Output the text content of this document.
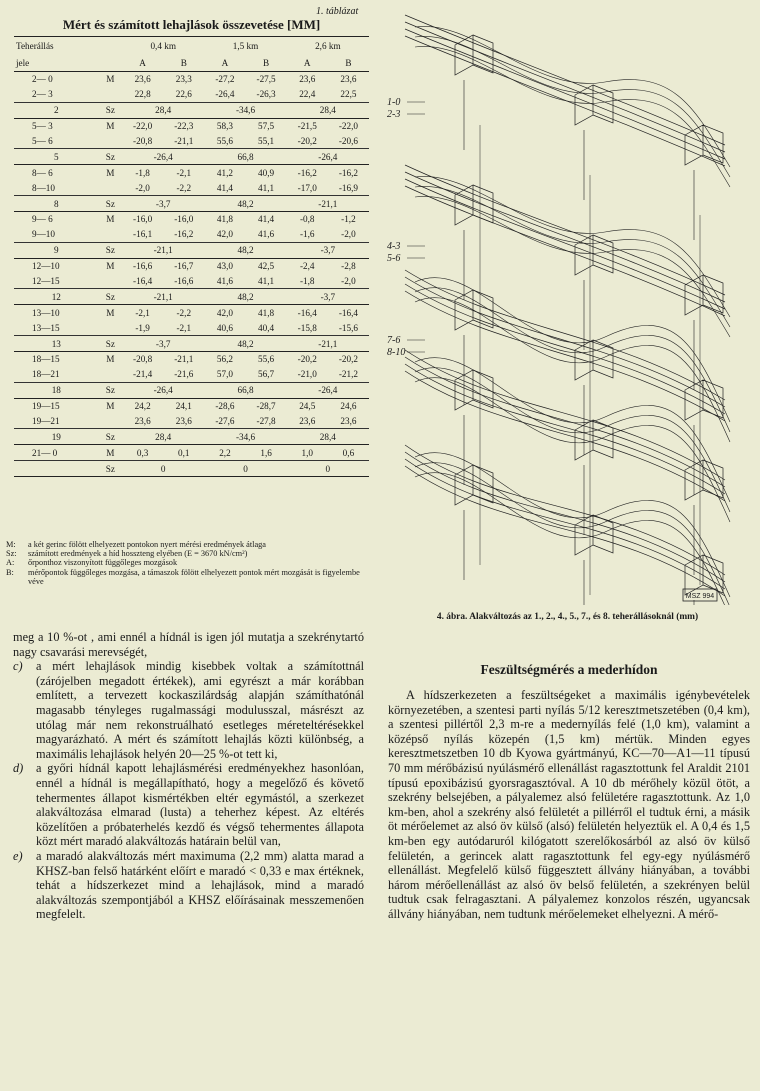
1. táblázat
Mért és számított lehajlások összevetése [MM]
Teherállás		0,4 km		1,5 km		2,6 km	
jele		A	B	A	B	A	B
2— 0	M	23,6	23,3	-27,2	-27,5	23,6	23,6
2— 3		22,8	22,6	-26,4	-26,3	22,4	22,5
2	Sz	28,4		-34,6		28,4	
5— 3	M	-22,0	-22,3	58,3	57,5	-21,5	-22,0
5— 6		-20,8	-21,1	55,6	55,1	-20,2	-20,6
5	Sz	-26,4		66,8		-26,4	
8— 6	M	-1,8	-2,1	41,2	40,9	-16,2	-16,2
8—10		-2,0	-2,2	41,4	41,1	-17,0	-16,9
8	Sz	-3,7		48,2		-21,1	
9— 6	M	-16,0	-16,0	41,8	41,4	-0,8	-1,2
9—10		-16,1	-16,2	42,0	41,6	-1,6	-2,0
9	Sz	-21,1		48,2		-3,7	
12—10	M	-16,6	-16,7	43,0	42,5	-2,4	-2,8
12—15		-16,4	-16,6	41,6	41,1	-1,8	-2,0
12	Sz	-21,1		48,2		-3,7	
13—10	M	-2,1	-2,2	42,0	41,8	-16,4	-16,4
13—15		-1,9	-2,1	40,6	40,4	-15,8	-15,6
13	Sz	-3,7		48,2		-21,1	
18—15	M	-20,8	-21,1	56,2	55,6	-20,2	-20,2
18—21		-21,4	-21,6	57,0	56,7	-21,0	-21,2
18	Sz	-26,4		66,8		-26,4	
19—15	M	24,2	24,1	-28,6	-28,7	24,5	24,6
19—21		23,6	23,6	-27,6	-27,8	23,6	23,6
19	Sz	28,4		-34,6		28,4	
21— 0	M	0,3	0,1	2,2	1,6	1,0	0,6
	Sz	0		0		0	
M:	a két gerinc fölött elhelyezett pontokon nyert mérési eredmények átlaga
Sz:	számított eredmények a híd hosszteng elyében (E = 3670 kN/cm²)
A:	őrponthoz viszonyított függőleges mozgások
B:	mérőpontok függőleges mozgása, a támaszok fölött elhelyezett pontok mért mozgását is figyelembe véve
1-0
2-3
4-3
5-6
7-6
8-10
MSZ 994
4. ábra. Alakváltozás az 1., 2., 4., 5., 7., és 8. teherállásoknál (mm)

meg a 10 %-ot , ami ennél a hídnál is igen jól mutatja a szekrénytartó nagy csavarási merevségét,

c)	a mért lehajlások mindig kisebbek voltak a számítottnál (zárójelben megadott értékek), ami egyrészt a már korábban említett, a tervezett kockaszilárdság alapján számíthatónál magasabb tényleges rugalmassági modulusszal, másrészt az utólag már nem rekonstruálható esetleges méreteltérésekkel magyarázható. A mért és számított lehajlás közti különbség, a maximális lehajlások helyén 20—25 %-ot tett ki,
d)	a győri hídnál kapott lehajlásmérési eredményekhez hasonlóan, ennél a hídnál is megállapítható, hogy a megelőző és követő tehermentes állapot kismértékben eltér egymástól, a szerkezet alakváltozása elmarad (lusta) a teherhez képest. Az eltérés közelítően a próbaterhelés kezdő és végső tehermentes állapota közt mért maradó alakváltozás határain belül van,
e)	a maradó alakváltozás mért maximuma (2,2 mm) alatta marad a KHSZ-ban felső határként előírt e maradó < 0,33 e max értéknek, tehát a hídszerkezet mind a lehajlások, mind a maradó alakváltozás szempontjából a KHSZ előírásainak messzemenően megfelelt.
Feszültségmérés a mederhídon

A hídszerkezeten a feszültségeket a maximális igénybevételek környezetében, a szentesi parti nyílás 5/12 keresztmetszetében (0,4 km), a szentesi pillértől 2,3 m-re a medernyílás felé (1,0 km), valamint a középső nyílás közepén (1,5 km) mértük. Minden egyes keresztmetszetben 10 db Kyowa gyártmányú, KC—70—A1—11 típusú 70 mm mérőbázisú nyúlásmérő ellenállást ragasztottunk fel Araldit 2101 típusú epoxibázisú gyorsragasztóval. A 10 db mérőhely közül ötöt, a szekrény belsejében, a pályalemez alsó felületére ragasztottunk. Az 1,0 km-ben, ahol a szekrény alsó felületét a pillérről el tudtuk érni, a másik öt mérőelemet az alsó öv külső (alsó) felületén helyeztük el. A 0,4 és 1,5 km-ben egy autódaruról kilógatott szerelőkosárból az alsó öv külső felületén, a gerincek alatt ragasztottunk fel egy-egy nyúlásmérő ellenállást. Megfelelő külső függesztett állvány hiányában, a további három mérőellenállást az alsó öv belső felületén, a szekrényen belül tudtuk csak felragasztani. A pályalemez konzolos részén, ugyancsak állvány hiányában, nem tudtunk mérőelemeket elhelyezni. A mérő-
